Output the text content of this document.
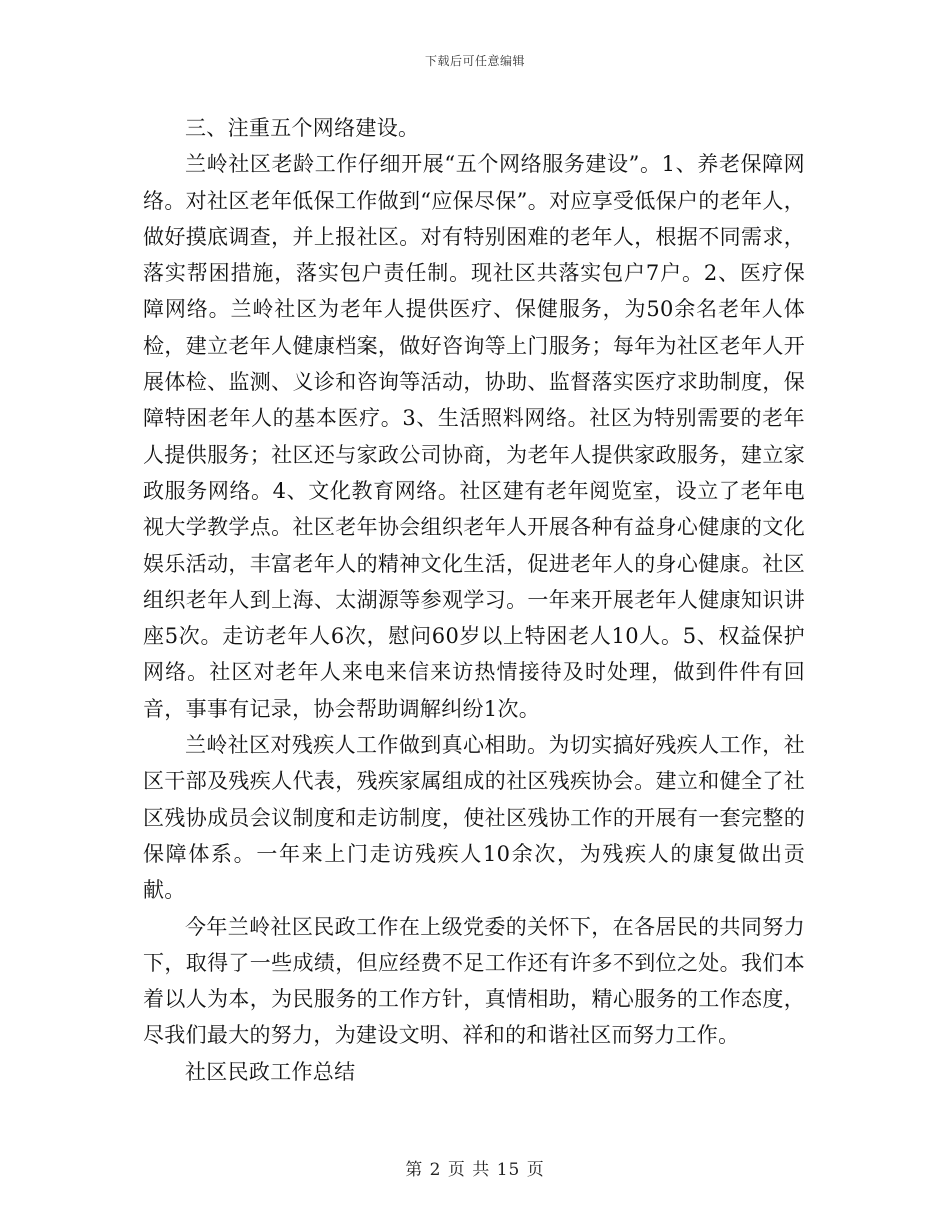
下载后可任意编辑

三、注重五个网络建设。

兰岭社区老龄工作仔细开展“五个网络服务建设”。1、养老保障网络。对社区老年低保工作做到“应保尽保”。对应享受低保户的老年人，做好摸底调查，并上报社区。对有特别困难的老年人，根据不同需求，落实帮困措施，落实包户责任制。现社区共落实包户7户。2、医疗保障网络。兰岭社区为老年人提供医疗、保健服务，为50余名老年人体检，建立老年人健康档案，做好咨询等上门服务；每年为社区老年人开展体检、监测、义诊和咨询等活动，协助、监督落实医疗求助制度，保障特困老年人的基本医疗。3、生活照料网络。社区为特别需要的老年人提供服务；社区还与家政公司协商，为老年人提供家政服务，建立家政服务网络。4、文化教育网络。社区建有老年阅览室，设立了老年电视大学教学点。社区老年协会组织老年人开展各种有益身心健康的文化娱乐活动，丰富老年人的精神文化生活，促进老年人的身心健康。社区组织老年人到上海、太湖源等参观学习。一年来开展老年人健康知识讲座5次。走访老年人6次，慰问60岁以上特困老人10人。5、权益保护网络。社区对老年人来电来信来访热情接待及时处理，做到件件有回音，事事有记录，协会帮助调解纠纷1次。

兰岭社区对残疾人工作做到真心相助。为切实搞好残疾人工作，社区干部及残疾人代表，残疾家属组成的社区残疾协会。建立和健全了社区残协成员会议制度和走访制度，使社区残协工作的开展有一套完整的保障体系。一年来上门走访残疾人10余次，为残疾人的康复做出贡献。

今年兰岭社区民政工作在上级党委的关怀下，在各居民的共同努力下，取得了一些成绩，但应经费不足工作还有许多不到位之处。我们本着以人为本，为民服务的工作方针，真情相助，精心服务的工作态度，尽我们最大的努力，为建设文明、祥和的和谐社区而努力工作。

社区民政工作总结

第 2 页 共 15 页
